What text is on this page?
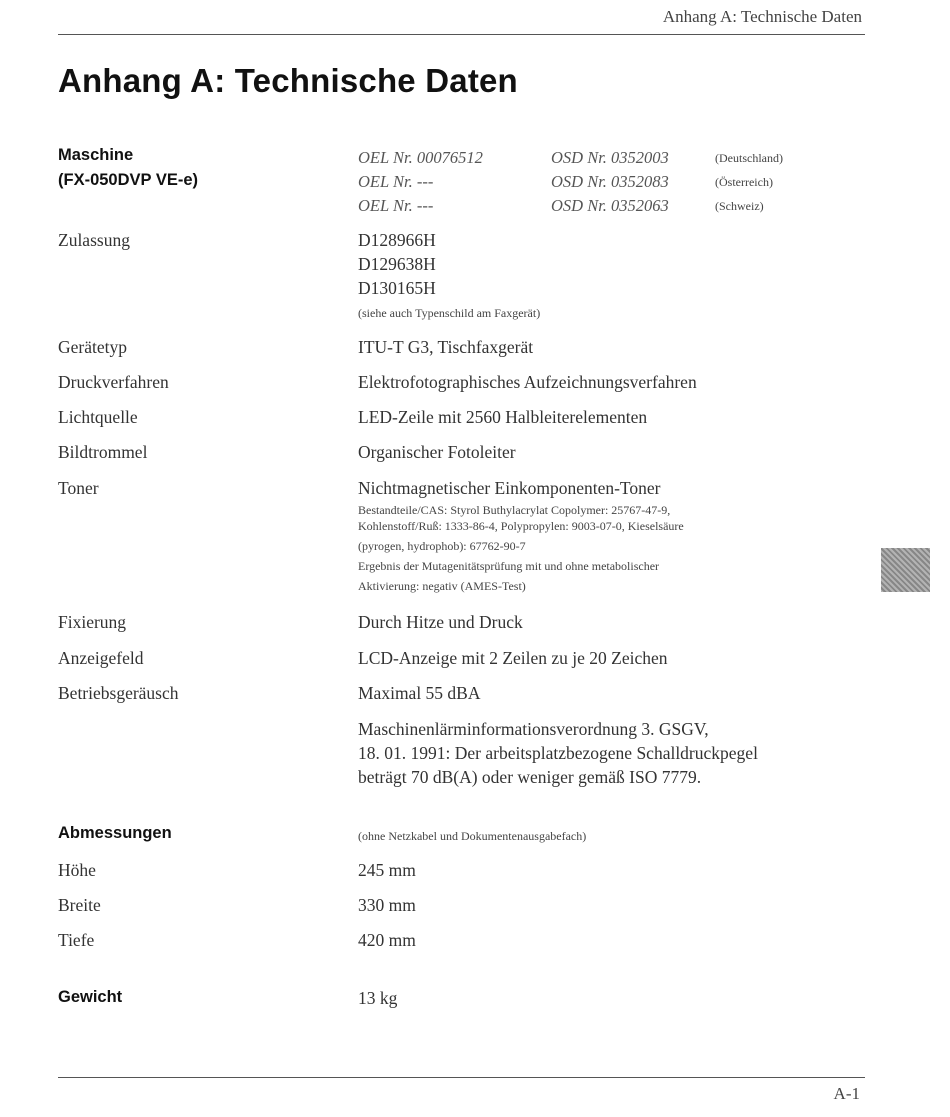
Anhang A: Technische Daten
Anhang A: Technische Daten
Maschine
(FX-050DVP VE-e)
OEL Nr. 00076512	OSD Nr. 0352003	(Deutschland)
OEL Nr. ---	OSD Nr. 0352083	(Österreich)
OEL Nr. ---	OSD Nr. 0352063	(Schweiz)
Zulassung	D128966H
D129638H
D130165H
(siehe auch Typenschild am Faxgerät)
Gerätetyp	ITU-T G3, Tischfaxgerät
Druckverfahren	Elektrofotographisches Aufzeichnungsverfahren
Lichtquelle	LED-Zeile mit 2560 Halbleiterelementen
Bildtrommel	Organischer Fotoleiter
Toner	Nichtmagnetischer Einkomponenten-Toner
Bestandteile/CAS: Styrol Buthylacrylat Copolymer: 25767-47-9,
Kohlenstoff/Ruß: 1333-86-4, Polypropylen: 9003-07-0, Kieselsäure
(pyrogen, hydrophob): 67762-90-7
Ergebnis der Mutagenitätsprüfung mit und ohne metabolischer
Aktivierung: negativ (AMES-Test)
Fixierung	Durch Hitze und Druck
Anzeigefeld	LCD-Anzeige mit 2 Zeilen zu je 20 Zeichen
Betriebsgeräusch	Maximal 55 dBA
Maschinenlärminformationsverordnung 3. GSGV,
18. 01. 1991: Der arbeitsplatzbezogene Schalldruckpegel
beträgt 70 dB(A) oder weniger gemäß ISO 7779.
Abmessungen	(ohne Netzkabel und Dokumentenausgabefach)
Höhe	245 mm
Breite	330 mm
Tiefe	420 mm
Gewicht	13 kg
A-1
